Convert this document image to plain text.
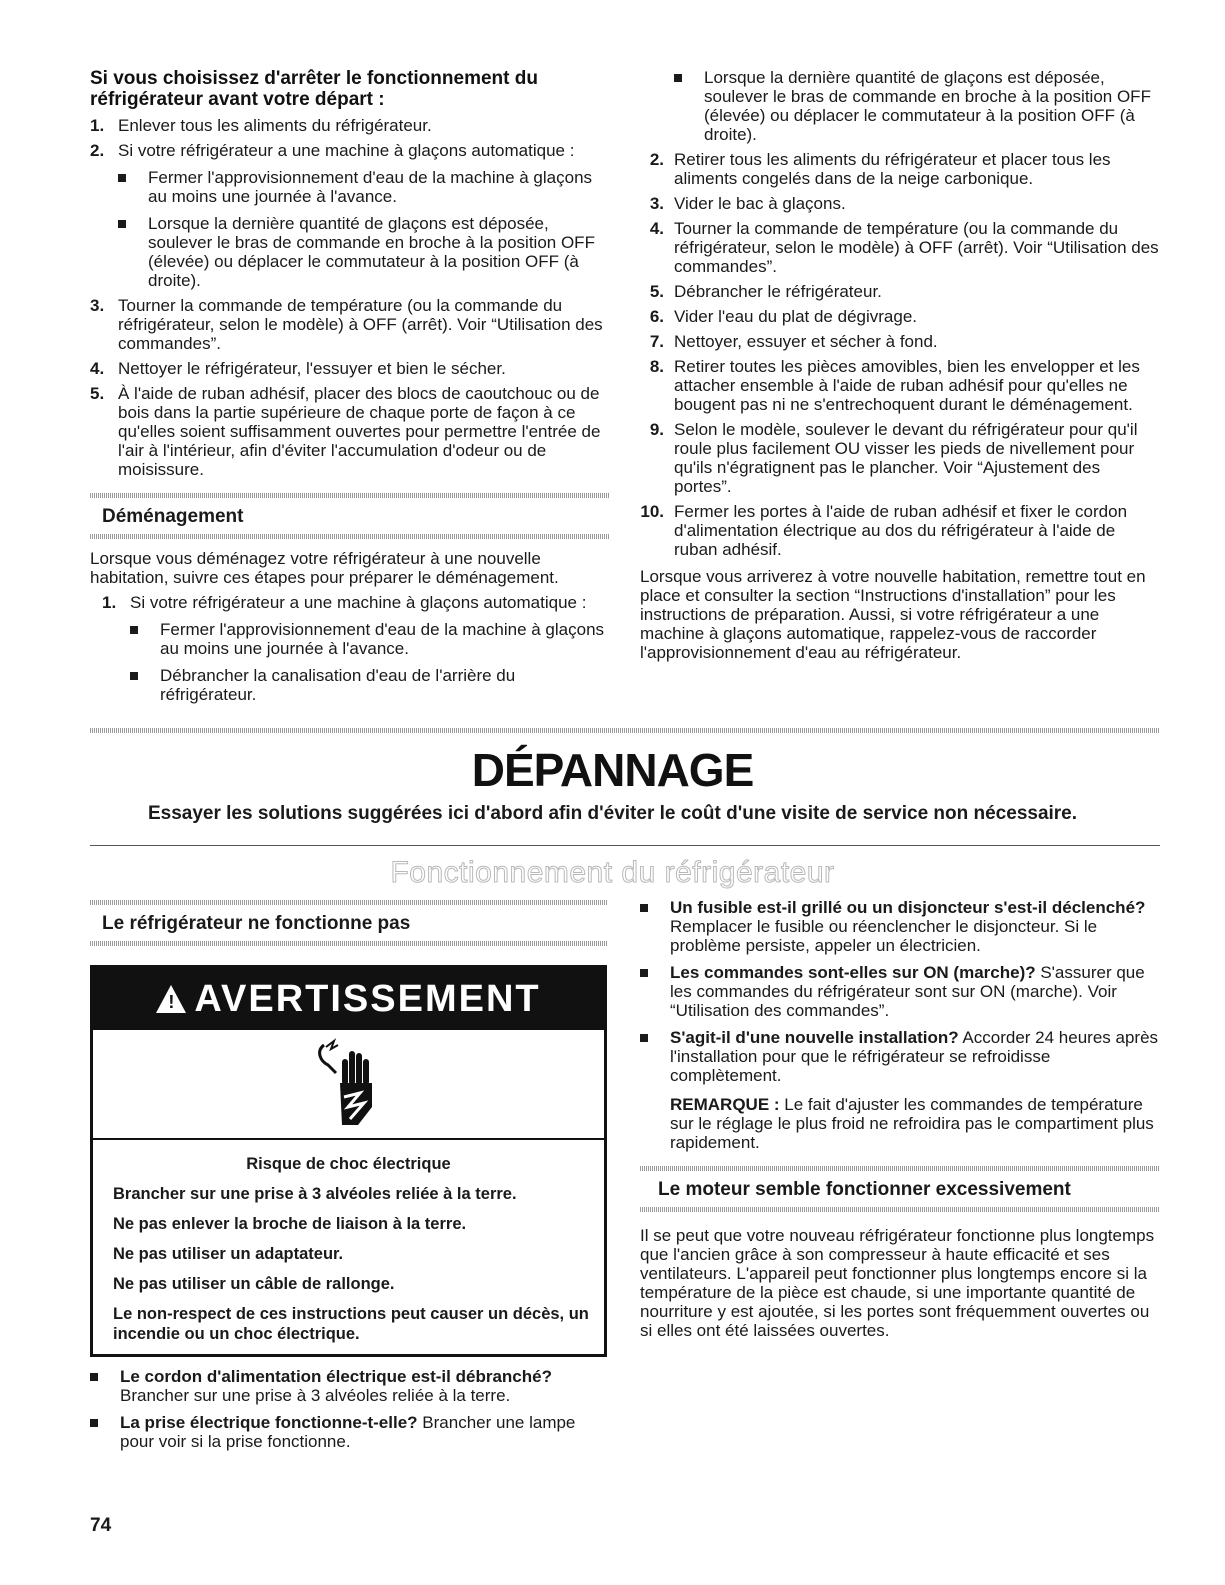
Si vous choisissez d'arrêter le fonctionnement du réfrigérateur avant votre départ :
1. Enlever tous les aliments du réfrigérateur.
2. Si votre réfrigérateur a une machine à glaçons automatique :
Fermer l'approvisionnement d'eau de la machine à glaçons au moins une journée à l'avance.
Lorsque la dernière quantité de glaçons est déposée, soulever le bras de commande en broche à la position OFF (élevée) ou déplacer le commutateur à la position OFF (à droite).
3. Tourner la commande de température (ou la commande du réfrigérateur, selon le modèle) à OFF (arrêt). Voir “Utilisation des commandes”.
4. Nettoyer le réfrigérateur, l'essuyer et bien le sécher.
5. À l'aide de ruban adhésif, placer des blocs de caoutchouc ou de bois dans la partie supérieure de chaque porte de façon à ce qu'elles soient suffisamment ouvertes pour permettre l'entrée de l'air à l'intérieur, afin d'éviter l'accumulation d'odeur ou de moisissure.
Déménagement
Lorsque vous déménagez votre réfrigérateur à une nouvelle habitation, suivre ces étapes pour préparer le déménagement.
1. Si votre réfrigérateur a une machine à glaçons automatique :
Fermer l'approvisionnement d'eau de la machine à glaçons au moins une journée à l'avance.
Débrancher la canalisation d'eau de l'arrière du réfrigérateur.
Lorsque la dernière quantité de glaçons est déposée, soulever le bras de commande en broche à la position OFF (élevée) ou déplacer le commutateur à la position OFF (à droite).
2. Retirer tous les aliments du réfrigérateur et placer tous les aliments congelés dans de la neige carbonique.
3. Vider le bac à glaçons.
4. Tourner la commande de température (ou la commande du réfrigérateur, selon le modèle) à OFF (arrêt). Voir “Utilisation des commandes”.
5. Débrancher le réfrigérateur.
6. Vider l'eau du plat de dégivrage.
7. Nettoyer, essuyer et sécher à fond.
8. Retirer toutes les pièces amovibles, bien les envelopper et les attacher ensemble à l'aide de ruban adhésif pour qu'elles ne bougent pas ni ne s'entrechoquent durant le déménagement.
9. Selon le modèle, soulever le devant du réfrigérateur pour qu'il roule plus facilement OU visser les pieds de nivellement pour qu'ils n'égratignent pas le plancher. Voir “Ajustement des portes”.
10. Fermer les portes à l'aide de ruban adhésif et fixer le cordon d'alimentation électrique au dos du réfrigérateur à l'aide de ruban adhésif.
Lorsque vous arriverez à votre nouvelle habitation, remettre tout en place et consulter la section “Instructions d'installation” pour les instructions de préparation. Aussi, si votre réfrigérateur a une machine à glaçons automatique, rappelez-vous de raccorder l'approvisionnement d'eau au réfrigérateur.
DÉPANNAGE
Essayer les solutions suggérées ici d'abord afin d'éviter le coût d'une visite de service non nécessaire.
Fonctionnement du réfrigérateur
Le réfrigérateur ne fonctionne pas
! AVERTISSEMENT

Risque de choc électrique

Brancher sur une prise à 3 alvéoles reliée à la terre.

Ne pas enlever la broche de liaison à la terre.

Ne pas utiliser un adaptateur.

Ne pas utiliser un câble de rallonge.

Le non-respect de ces instructions peut causer un décès, un incendie ou un choc électrique.

Le cordon d'alimentation électrique est-il débranché?
Brancher sur une prise à 3 alvéoles reliée à la terre.
La prise électrique fonctionne-t-elle? Brancher une lampe pour voir si la prise fonctionne.
Un fusible est-il grillé ou un disjoncteur s'est-il déclenché? Remplacer le fusible ou réenclencher le disjoncteur. Si le problème persiste, appeler un électricien.
Les commandes sont-elles sur ON (marche)? S'assurer que les commandes du réfrigérateur sont sur ON (marche). Voir “Utilisation des commandes”.
S'agit-il d'une nouvelle installation? Accorder 24 heures après l'installation pour que le réfrigérateur se refroidisse complètement.
REMARQUE : Le fait d'ajuster les commandes de température sur le réglage le plus froid ne refroidira pas le compartiment plus rapidement.
Le moteur semble fonctionner excessivement
Il se peut que votre nouveau réfrigérateur fonctionne plus longtemps que l'ancien grâce à son compresseur à haute efficacité et ses ventilateurs. L'appareil peut fonctionner plus longtemps encore si la température de la pièce est chaude, si une importante quantité de nourriture y est ajoutée, si les portes sont fréquemment ouvertes ou si elles ont été laissées ouvertes.
74
